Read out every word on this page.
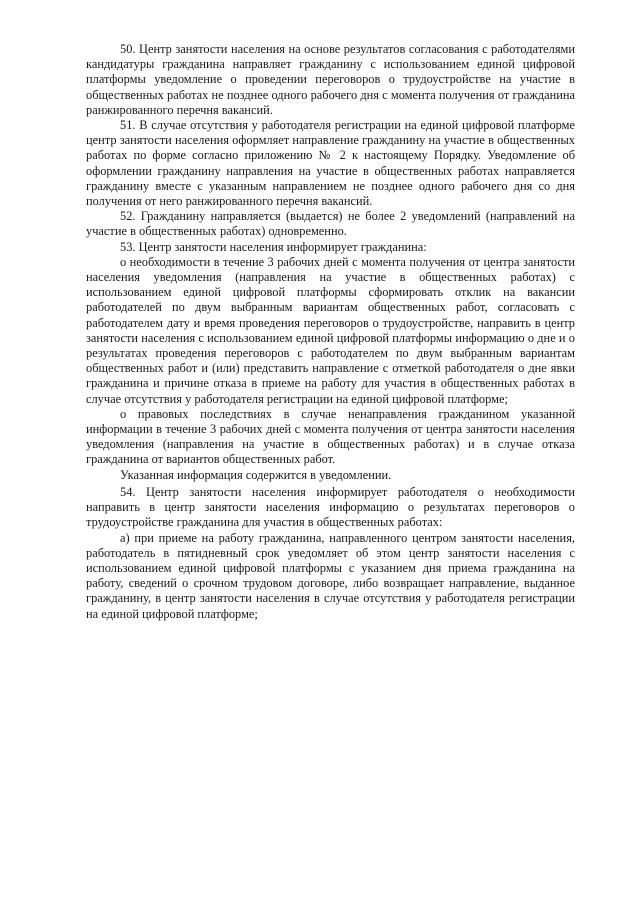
50. Центр занятости населения на основе результатов согласования с работодателями кандидатуры гражданина направляет гражданину с использованием единой цифровой платформы уведомление о проведении переговоров о трудоустройстве на участие в общественных работах не позднее одного рабочего дня с момента получения от гражданина ранжированного перечня вакансий.

51. В случае отсутствия у работодателя регистрации на единой цифровой платформе центр занятости населения оформляет направление гражданину на участие в общественных работах по форме согласно приложению № 2 к настоящему Порядку. Уведомление об оформлении гражданину направления на участие в общественных работах направляется гражданину вместе с указанным направлением не позднее одного рабочего дня со дня получения от него ранжированного перечня вакансий.

52. Гражданину направляется (выдается) не более 2 уведомлений (направлений на участие в общественных работах) одновременно.

53. Центр занятости населения информирует гражданина:

о необходимости в течение 3 рабочих дней с момента получения от центра занятости населения уведомления (направления на участие в общественных работах) с использованием единой цифровой платформы сформировать отклик на вакансии работодателей по двум выбранным вариантам общественных работ, согласовать с работодателем дату и время проведения переговоров о трудоустройстве, направить в центр занятости населения с использованием единой цифровой платформы информацию о дне и о результатах проведения переговоров с работодателем по двум выбранным вариантам общественных работ и (или) представить направление с отметкой работодателя о дне явки гражданина и причине отказа в приеме на работу для участия в общественных работах в случае отсутствия у работодателя регистрации на единой цифровой платформе;

о правовых последствиях в случае ненаправления гражданином указанной информации в течение 3 рабочих дней с момента получения от центра занятости населения уведомления (направления на участие в общественных работах) и в случае отказа гражданина от вариантов общественных работ.

Указанная информация содержится в уведомлении.

54. Центр занятости населения информирует работодателя о необходимости направить в центр занятости населения информацию о результатах переговоров о трудоустройстве гражданина для участия в общественных работах:

а) при приеме на работу гражданина, направленного центром занятости населения, работодатель в пятидневный срок уведомляет об этом центр занятости населения с использованием единой цифровой платформы с указанием дня приема гражданина на работу, сведений о срочном трудовом договоре, либо возвращает направление, выданное гражданину, в центр занятости населения в случае отсутствия у работодателя регистрации на единой цифровой платформе;
